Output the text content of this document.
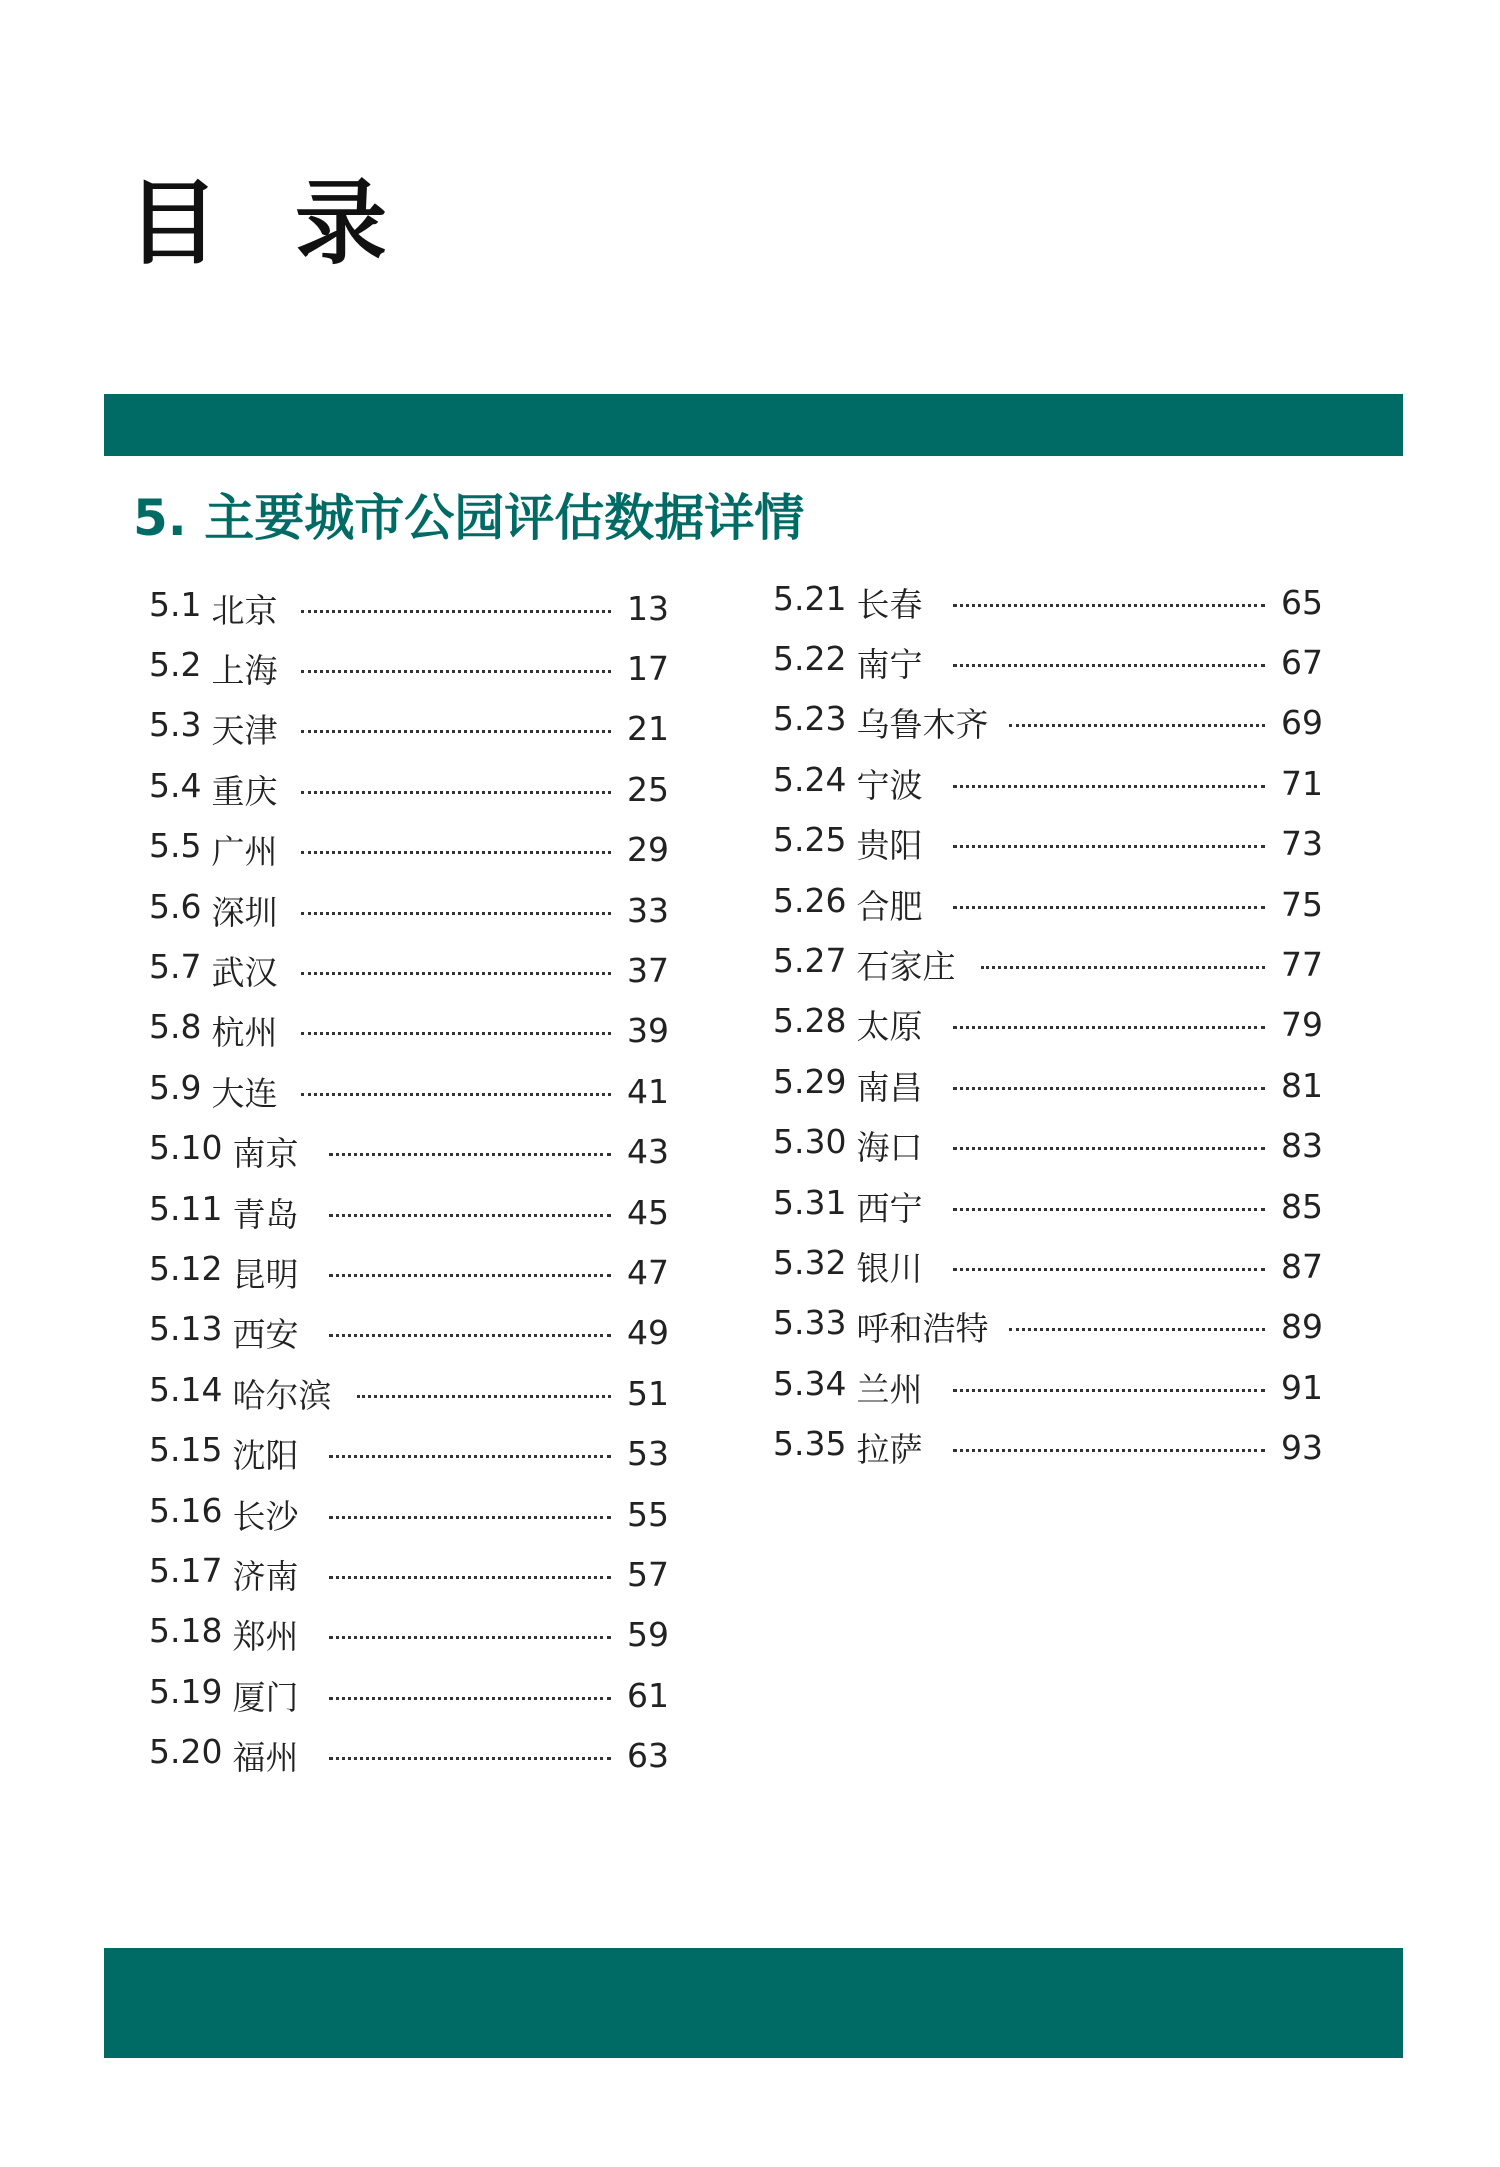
目 录
5. 主要城市公园评估数据详情
5.1 北京	13
5.2 上海	17
5.3 天津	21
5.4 重庆	25
5.5 广州	29
5.6 深圳	33
5.7 武汉	37
5.8 杭州	39
5.9 大连	41
5.10 南京	43
5.11 青岛	45
5.12 昆明	47
5.13 西安	49
5.14 哈尔滨	51
5.15 沈阳	53
5.16 长沙	55
5.17 济南	57
5.18 郑州	59
5.19 厦门	61
5.20 福州	63
5.21 长春	65
5.22 南宁	67
5.23 乌鲁木齐	69
5.24 宁波	71
5.25 贵阳	73
5.26 合肥	75
5.27 石家庄	77
5.28 太原	79
5.29 南昌	81
5.30 海口	83
5.31 西宁	85
5.32 银川	87
5.33 呼和浩特	89
5.34 兰州	91
5.35 拉萨	93
